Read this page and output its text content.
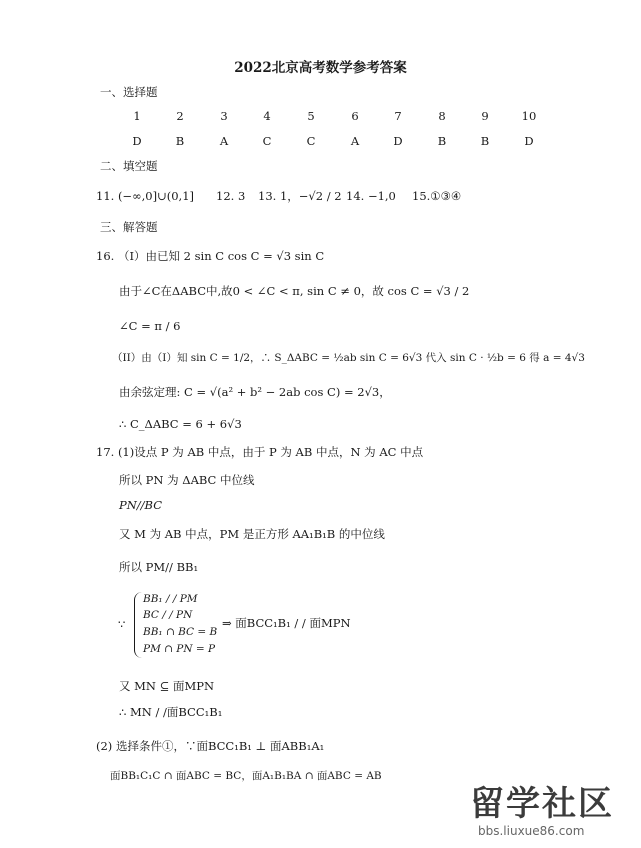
2022北京高考数学参考答案
一、选择题
1	2	3	4	5	6	7	8	9	10
D	B	A	C	C	A	D	B	B	D
二、填空题
11. (−∞,0]∪(0,1] 12. 3 13. 1，−√2 / 2 14. −1,0 15.①③④
三、解答题
16. （I）由已知 2 sin C cos C = √3 sin C
由于∠C在ΔABC中,故0 < ∠C < π, sin C ≠ 0，故 cos C = √3 / 2
∠C = π / 6
（II）由（I）知 sin C = 1/2，∴ S_ΔABC = ½ab sin C = 6√3 代入 sin C · ½b = 6 得 a = 4√3
由余弦定理: C = √(a² + b² − 2ab cos C) = 2√3，
∴ C_ΔABC = 6 + 6√3
17. (1)设点 P 为 AB 中点，由于 P 为 AB 中点，N 为 AC 中点
所以 PN 为 ΔABC 中位线
PN//BC
又 M 为 AB 中点，PM 是正方形 AA₁B₁B 的中位线
所以 PM// BB₁
∵
BB₁ / / PM
BC / / PN
BB₁ ∩ BC = B
PM ∩ PN = P
⇒ 面BCC₁B₁ / / 面MPN
又 MN ⊆ 面MPN
∴ MN / /面BCC₁B₁
(2) 选择条件①，∵面BCC₁B₁ ⊥ 面ABB₁A₁
面BB₁C₁C ∩ 面ABC = BC，面A₁B₁BA ∩ 面ABC = AB
留学社区
bbs.liuxue86.com
